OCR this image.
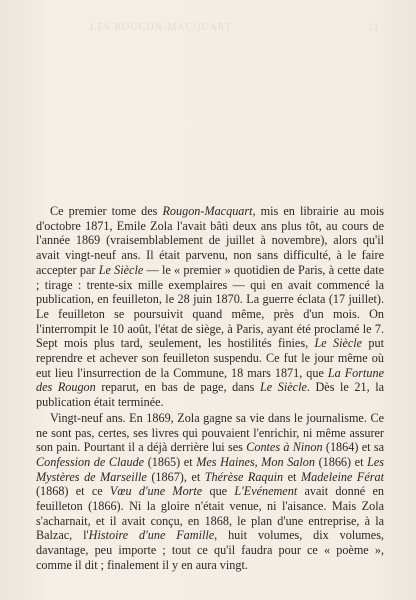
LES ROUGON-MACQUART	11

Ce premier tome des Rougon-Macquart, mis en librairie au mois d'octobre 1871, Emile Zola l'avait bâti deux ans plus tôt, au cours de l'année 1869 (vraisemblablement de juillet à novembre), alors qu'il avait vingt-neuf ans. Il était parvenu, non sans difficulté, à le faire accepter par Le Siècle — le « premier » quotidien de Paris, à cette date ; tirage : trente-six mille exemplaires — qui en avait commencé la publication, en feuilleton, le 28 juin 1870. La guerre éclata (17 juillet). Le feuilleton se poursuivit quand même, près d'un mois. On l'interrompit le 10 août, l'état de siège, à Paris, ayant été proclamé le 7. Sept mois plus tard, seulement, les hostilités finies, Le Siècle put reprendre et achever son feuilleton suspendu. Ce fut le jour même où eut lieu l'insurrection de la Commune, 18 mars 1871, que La Fortune des Rougon reparut, en bas de page, dans Le Siècle. Dès le 21, la publication était terminée.

Vingt-neuf ans. En 1869, Zola gagne sa vie dans le journalisme. Ce ne sont pas, certes, ses livres qui pouvaient l'enrichir, ni même assurer son pain. Pourtant il a déjà derrière lui ses Contes à Ninon (1864) et sa Confession de Claude (1865) et Mes Haines, Mon Salon (1866) et Les Mystères de Marseille (1867), et Thérèse Raquin et Madeleine Férat (1868) et ce Vœu d'une Morte que L'Evénement avait donné en feuilleton (1866). Ni la gloire n'était venue, ni l'aisance. Mais Zola s'acharnait, et il avait conçu, en 1868, le plan d'une entreprise, à la Balzac, l'Histoire d'une Famille, huit volumes, dix volumes, davantage, peu importe ; tout ce qu'il faudra pour ce « poème », comme il dit ; finalement il y en aura vingt.
